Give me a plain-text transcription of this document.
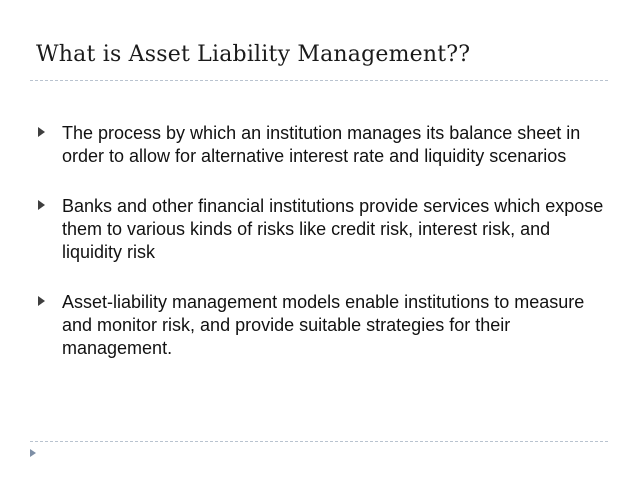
What is Asset Liability Management??
The process by which an institution manages its balance sheet in order to allow for alternative interest rate and liquidity scenarios
Banks and other financial institutions provide services which expose them to various kinds of risks like credit risk, interest risk, and liquidity risk
Asset-liability management models enable institutions to measure and monitor risk, and provide suitable strategies for their management.
